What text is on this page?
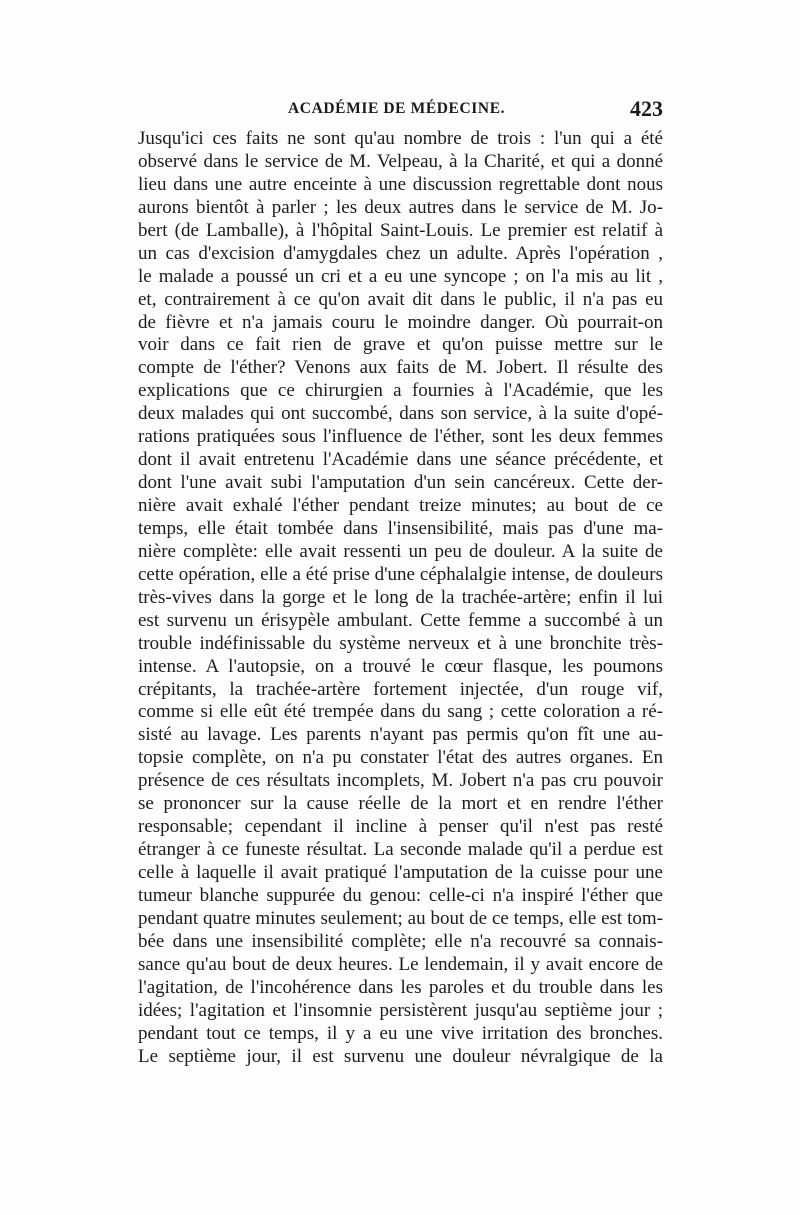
ACADÉMIE DE MÉDECINE.	423
Jusqu'ici ces faits ne sont qu'au nombre de trois : l'un qui a été
observé dans le service de M. Velpeau, à la Charité, et qui a donné
lieu dans une autre enceinte à une discussion regrettable dont nous
aurons bientôt à parler ; les deux autres dans le service de M. Jo-
bert (de Lamballe), à l'hôpital Saint-Louis. Le premier est relatif à
un cas d'excision d'amygdales chez un adulte. Après l'opération ,
le malade a poussé un cri et a eu une syncope ; on l'a mis au lit ,
et, contrairement à ce qu'on avait dit dans le public, il n'a pas eu
de fièvre et n'a jamais couru le moindre danger. Où pourrait-on
voir dans ce fait rien de grave et qu'on puisse mettre sur le
compte de l'éther? Venons aux faits de M. Jobert. Il résulte des
explications que ce chirurgien a fournies à l'Académie, que les
deux malades qui ont succombé, dans son service, à la suite d'opé-
rations pratiquées sous l'influence de l'éther, sont les deux femmes
dont il avait entretenu l'Académie dans une séance précédente, et
dont l'une avait subi l'amputation d'un sein cancéreux. Cette der-
nière avait exhalé l'éther pendant treize minutes; au bout de ce
temps, elle était tombée dans l'insensibilité, mais pas d'une ma-
nière complète: elle avait ressenti un peu de douleur. A la suite de
cette opération, elle a été prise d'une céphalalgie intense, de douleurs
très-vives dans la gorge et le long de la trachée-artère; enfin il lui
est survenu un érisypèle ambulant. Cette femme a succombé à un
trouble indéfinissable du système nerveux et à une bronchite très-
intense. A l'autopsie, on a trouvé le cœur flasque, les poumons
crépitants, la trachée-artère fortement injectée, d'un rouge vif,
comme si elle eût été trempée dans du sang ; cette coloration a ré-
sisté au lavage. Les parents n'ayant pas permis qu'on fît une au-
topsie complète, on n'a pu constater l'état des autres organes. En
présence de ces résultats incomplets, M. Jobert n'a pas cru pouvoir
se prononcer sur la cause réelle de la mort et en rendre l'éther
responsable; cependant il incline à penser qu'il n'est pas resté
étranger à ce funeste résultat. La seconde malade qu'il a perdue est
celle à laquelle il avait pratiqué l'amputation de la cuisse pour une
tumeur blanche suppurée du genou: celle-ci n'a inspiré l'éther que
pendant quatre minutes seulement; au bout de ce temps, elle est tom-
bée dans une insensibilité complète; elle n'a recouvré sa connais-
sance qu'au bout de deux heures. Le lendemain, il y avait encore de
l'agitation, de l'incohérence dans les paroles et du trouble dans les
idées; l'agitation et l'insomnie persistèrent jusqu'au septième jour ;
pendant tout ce temps, il y a eu une vive irritation des bronches.
Le septième jour, il est survenu une douleur névralgique de la
